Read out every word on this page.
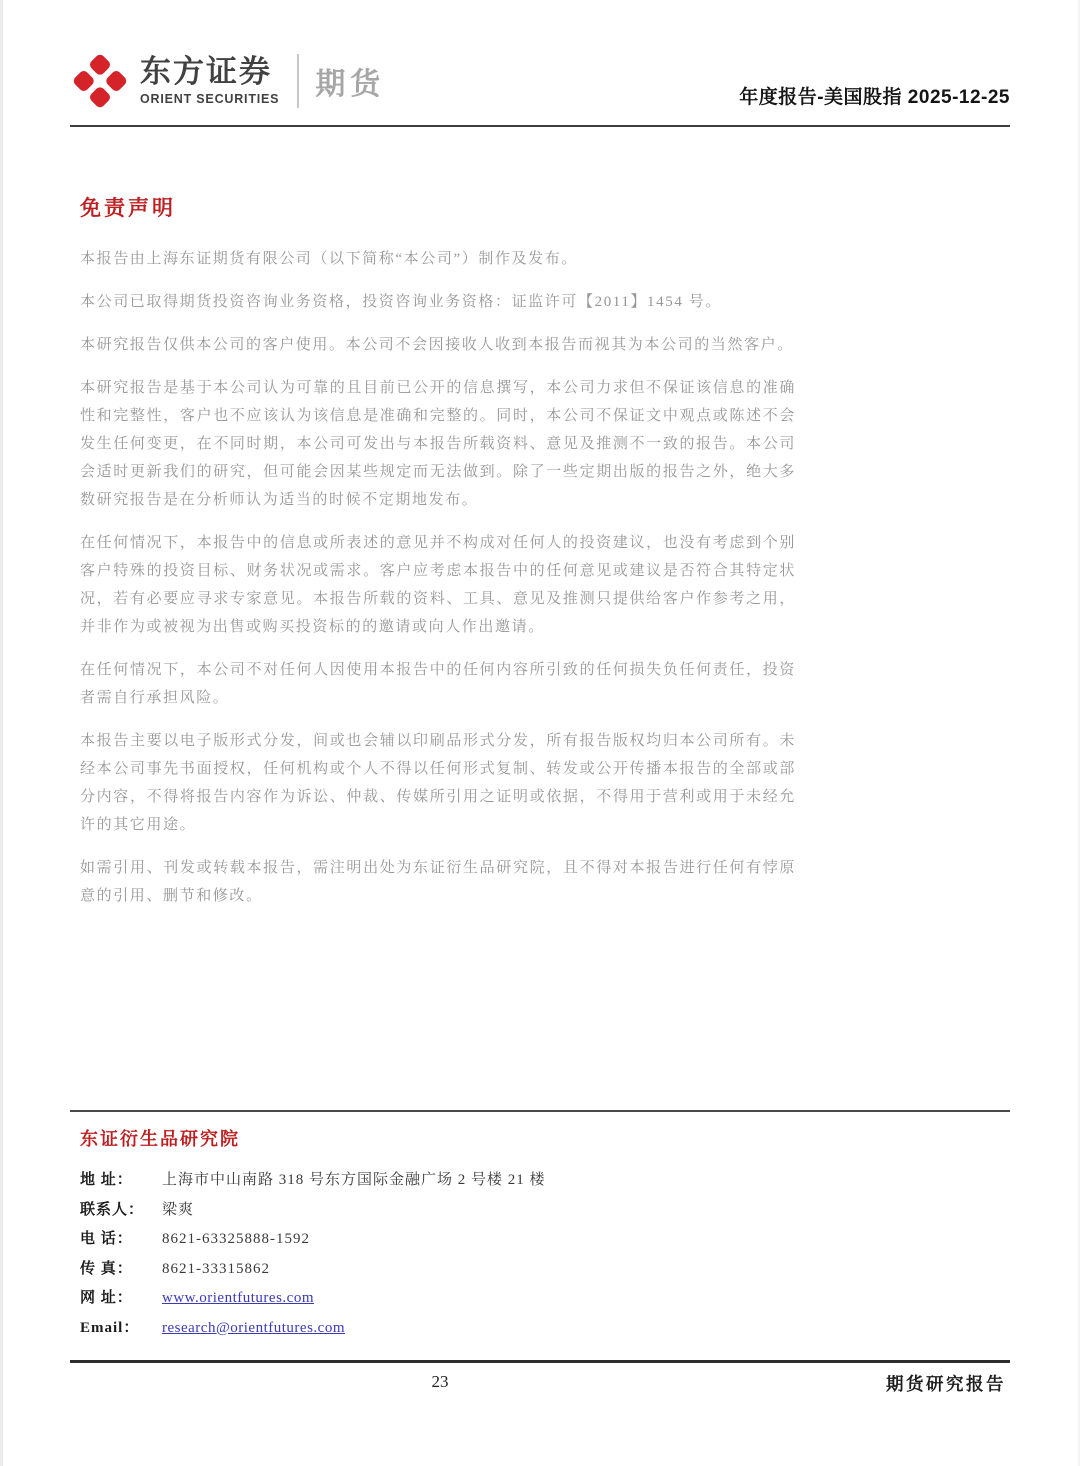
东方证券
ORIENT SECURITIES 期货	年度报告-美国股指 2025-12-25
免责声明

本报告由上海东证期货有限公司（以下简称“本公司”）制作及发布。

本公司已取得期货投资咨询业务资格，投资咨询业务资格：证监许可【2011】1454 号。

本研究报告仅供本公司的客户使用。本公司不会因接收人收到本报告而视其为本公司的当然客户。

本研究报告是基于本公司认为可靠的且目前已公开的信息撰写，本公司力求但不保证该信息的准确性和完整性，客户也不应该认为该信息是准确和完整的。同时，本公司不保证文中观点或陈述不会发生任何变更，在不同时期，本公司可发出与本报告所载资料、意见及推测不一致的报告。本公司会适时更新我们的研究，但可能会因某些规定而无法做到。除了一些定期出版的报告之外，绝大多数研究报告是在分析师认为适当的时候不定期地发布。

在任何情况下，本报告中的信息或所表述的意见并不构成对任何人的投资建议，也没有考虑到个别客户特殊的投资目标、财务状况或需求。客户应考虑本报告中的任何意见或建议是否符合其特定状况，若有必要应寻求专家意见。本报告所载的资料、工具、意见及推测只提供给客户作参考之用，并非作为或被视为出售或购买投资标的的邀请或向人作出邀请。

在任何情况下，本公司不对任何人因使用本报告中的任何内容所引致的任何损失负任何责任，投资者需自行承担风险。

本报告主要以电子版形式分发，间或也会辅以印刷品形式分发，所有报告版权均归本公司所有。未经本公司事先书面授权，任何机构或个人不得以任何形式复制、转发或公开传播本报告的全部或部分内容，不得将报告内容作为诉讼、仲裁、传媒所引用之证明或依据，不得用于营利或用于未经允许的其它用途。

如需引用、刊发或转载本报告，需注明出处为东证衍生品研究院，且不得对本报告进行任何有悖原意的引用、删节和修改。

东证衍生品研究院
地 址：	上海市中山南路 318 号东方国际金融广场 2 号楼 21 楼
联系人：	梁爽
电 话：	8621-63325888-1592
传 真：	8621-33315862
网 址：	www.orientfutures.com
Email：	research@orientfutures.com
23	期货研究报告
